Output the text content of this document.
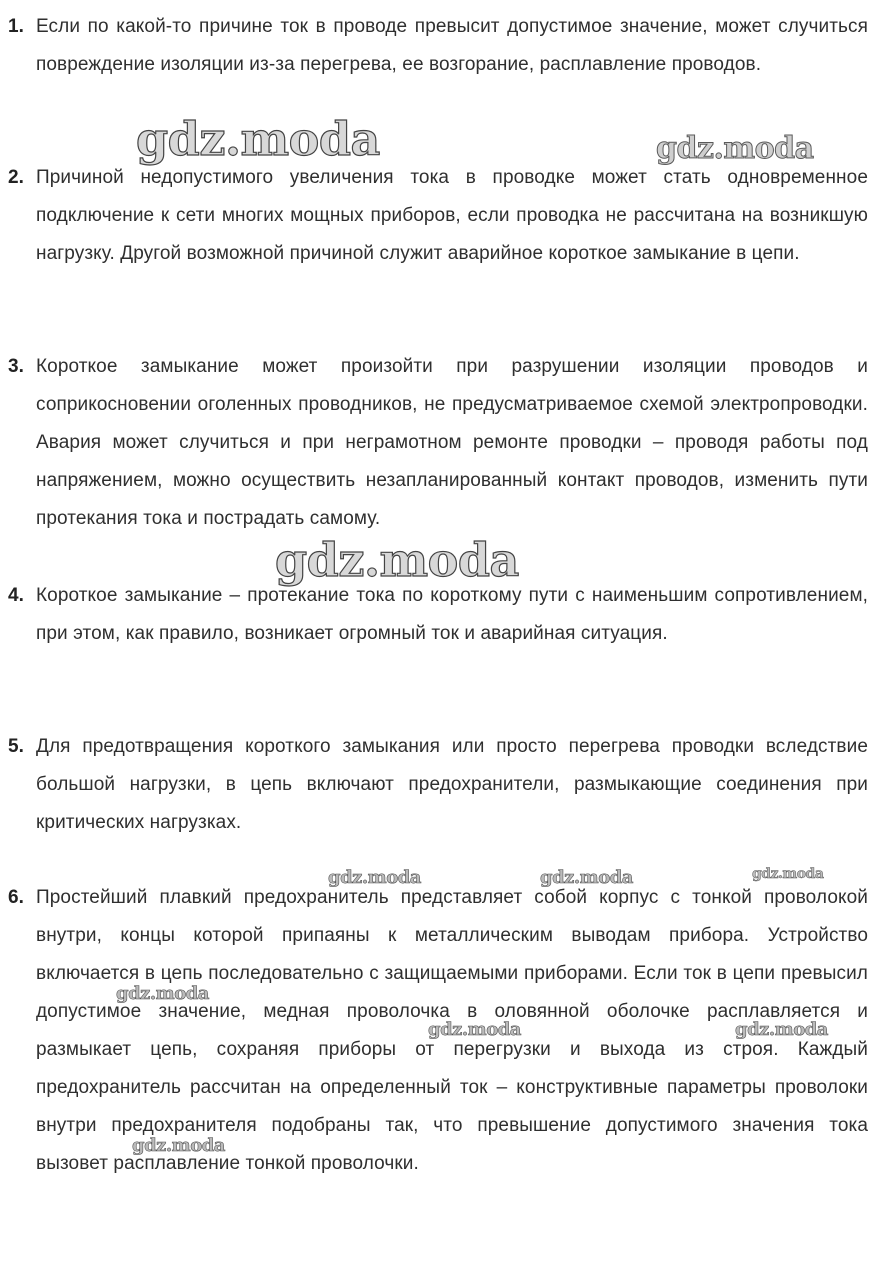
1. Если по какой-то причине ток в проводе превысит допустимое значение, может случиться повреждение изоляции из-за перегрева, ее возгорание, расплавление проводов.
2. Причиной недопустимого увеличения тока в проводке может стать одновременное подключение к сети многих мощных приборов, если проводка не рассчитана на возникшую нагрузку. Другой возможной причиной служит аварийное короткое замыкание в цепи.
3. Короткое замыкание может произойти при разрушении изоляции проводов и соприкосновении оголенных проводников, не предусматриваемое схемой электропроводки. Авария может случиться и при неграмотном ремонте проводки – проводя работы под напряжением, можно осуществить незапланированный контакт проводов, изменить пути протекания тока и пострадать самому.
4. Короткое замыкание – протекание тока по короткому пути с наименьшим сопротивлением, при этом, как правило, возникает огромный ток и аварийная ситуация.
5. Для предотвращения короткого замыкания или просто перегрева проводки вследствие большой нагрузки, в цепь включают предохранители, размыкающие соединения при критических нагрузках.
6. Простейший плавкий предохранитель представляет собой корпус с тонкой проволокой внутри, концы которой припаяны к металлическим выводам прибора. Устройство включается в цепь последовательно с защищаемыми приборами. Если ток в цепи превысил допустимое значение, медная проволочка в оловянной оболочке расплавляется и размыкает цепь, сохраняя приборы от перегрузки и выхода из строя. Каждый предохранитель рассчитан на определенный ток – конструктивные параметры проволоки внутри предохранителя подобраны так, что превышение допустимого значения тока вызовет расплавление тонкой проволочки.
gdz.moda	gdz.moda
gdz.moda
gdz.moda	gdz.moda	gdz.moda
gdz.moda
gdz.moda	gdz.moda
gdz.moda
